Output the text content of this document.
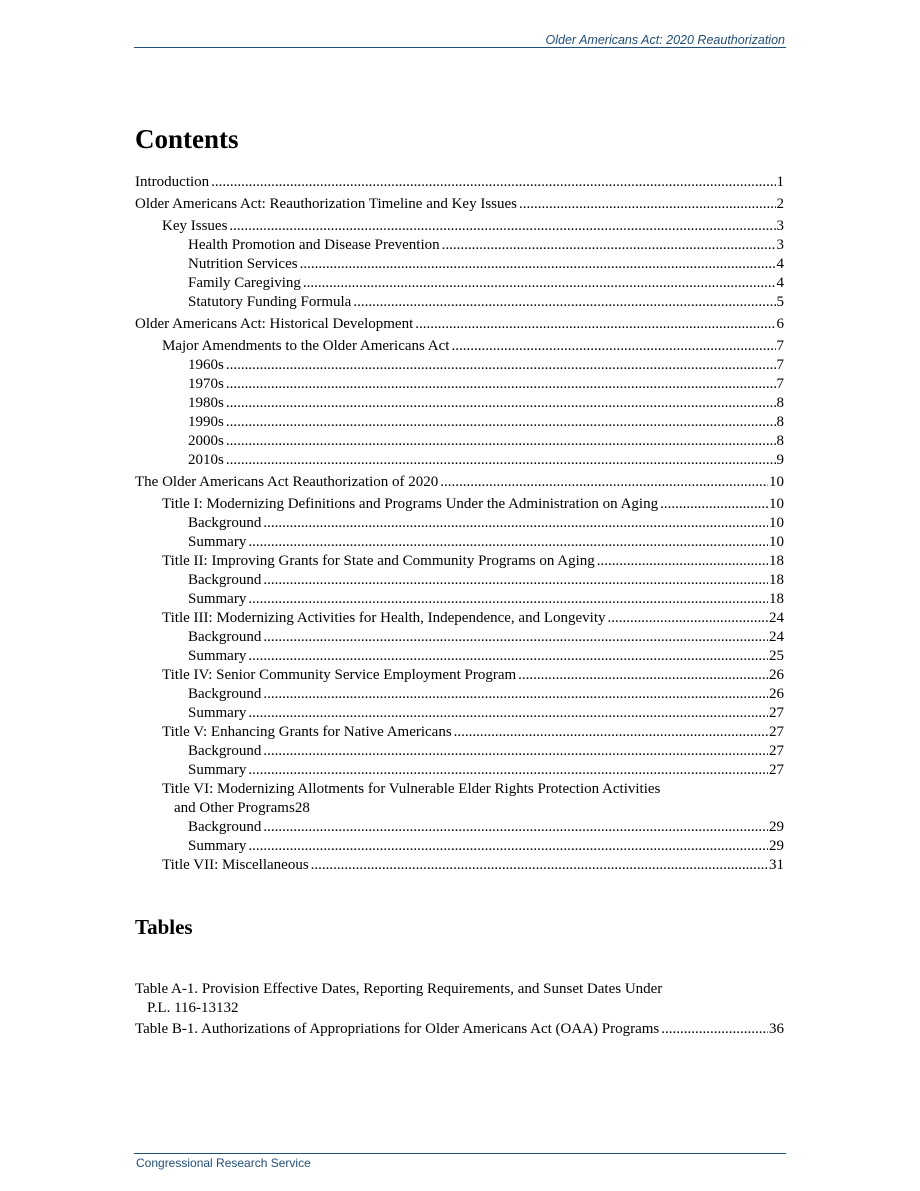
Older Americans Act: 2020 Reauthorization
Contents
Introduction .....	1
Older Americans Act: Reauthorization Timeline and Key Issues .....	2
Key Issues .....	3
Health Promotion and Disease Prevention .....	3
Nutrition Services .....	4
Family Caregiving .....	4
Statutory Funding Formula .....	5
Older Americans Act: Historical Development .....	6
Major Amendments to the Older Americans Act .....	7
1960s .....	7
1970s .....	7
1980s .....	8
1990s .....	8
2000s .....	8
2010s .....	9
The Older Americans Act Reauthorization of 2020 .....	10
Title I: Modernizing Definitions and Programs Under the Administration on Aging .....	10
Background .....	10
Summary .....	10
Title II: Improving Grants for State and Community Programs on Aging .....	18
Background .....	18
Summary .....	18
Title III: Modernizing Activities for Health, Independence, and Longevity .....	24
Background .....	24
Summary .....	25
Title IV: Senior Community Service Employment Program .....	26
Background .....	26
Summary .....	27
Title V: Enhancing Grants for Native Americans .....	27
Background .....	27
Summary .....	27
Title VI: Modernizing Allotments for Vulnerable Elder Rights Protection Activities
and Other Programs 28
Background .....	29
Summary .....	29
Title VII: Miscellaneous .....	31
Tables
Table A-1. Provision Effective Dates, Reporting Requirements, and Sunset Dates Under
P.L. 116-131 32
Table B-1. Authorizations of Appropriations for Older Americans Act (OAA) Programs .....	36
Congressional Research Service
